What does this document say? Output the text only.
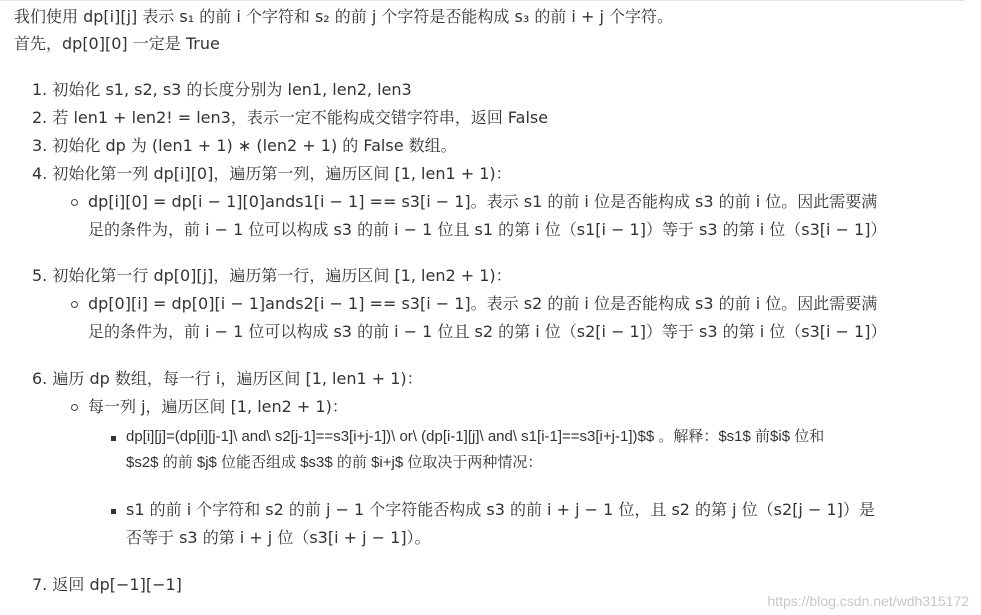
我们使用 dp[i][j] 表示 s₁ 的前 i 个字符和 s₂ 的前 j 个字符是否能构成 s₃ 的前 i + j 个字符。
首先，dp[0][0] 一定是 True
1. 初始化 s1, s2, s3 的长度分别为 len1, len2, len3
2. 若 len1 + len2! = len3，表示一定不能构成交错字符串，返回 False
3. 初始化 dp 为 (len1 + 1) ∗ (len2 + 1) 的 False 数组。
4. 初始化第一列 dp[i][0]，遍历第一列，遍历区间 [1, len1 + 1)：
dp[i][0] = dp[i − 1][0]ands1[i − 1] == s3[i − 1]。表示 s1 的前 i 位是否能构成 s3 的前 i 位。因此需要满
足的条件为，前 i − 1 位可以构成 s3 的前 i − 1 位且 s1 的第 i 位（s1[i − 1]）等于 s3 的第 i 位（s3[i − 1]）
5. 初始化第一行 dp[0][j]，遍历第一行，遍历区间 [1, len2 + 1)：
dp[0][i] = dp[0][i − 1]ands2[i − 1] == s3[i − 1]。表示 s2 的前 i 位是否能构成 s3 的前 i 位。因此需要满
足的条件为，前 i − 1 位可以构成 s3 的前 i − 1 位且 s2 的第 i 位（s2[i − 1]）等于 s3 的第 i 位（s3[i − 1]）
6. 遍历 dp 数组，每一行 i，遍历区间 [1, len1 + 1)：
每一列 j，遍历区间 [1, len2 + 1)：
dp[i][j]=(dp[i][j-1]\ and\ s2[j-1]==s3[i+j-1])\ or\ (dp[i-1][j]\ and\ s1[i-1]==s3[i+j-1])$$ 。解释：$s1$ 前$i$ 位和
$s2$ 的前 $j$ 位能否组成 $s3$ 的前 $i+j$ 位取决于两种情况：
s1 的前 i 个字符和 s2 的前 j − 1 个字符能否构成 s3 的前 i + j − 1 位，且 s2 的第 j 位（s2[j − 1]）是
否等于 s3 的第 i + j 位（s3[i + j − 1]）。
7. 返回 dp[−1][−1]
https://blog.csdn.net/wdh315172
